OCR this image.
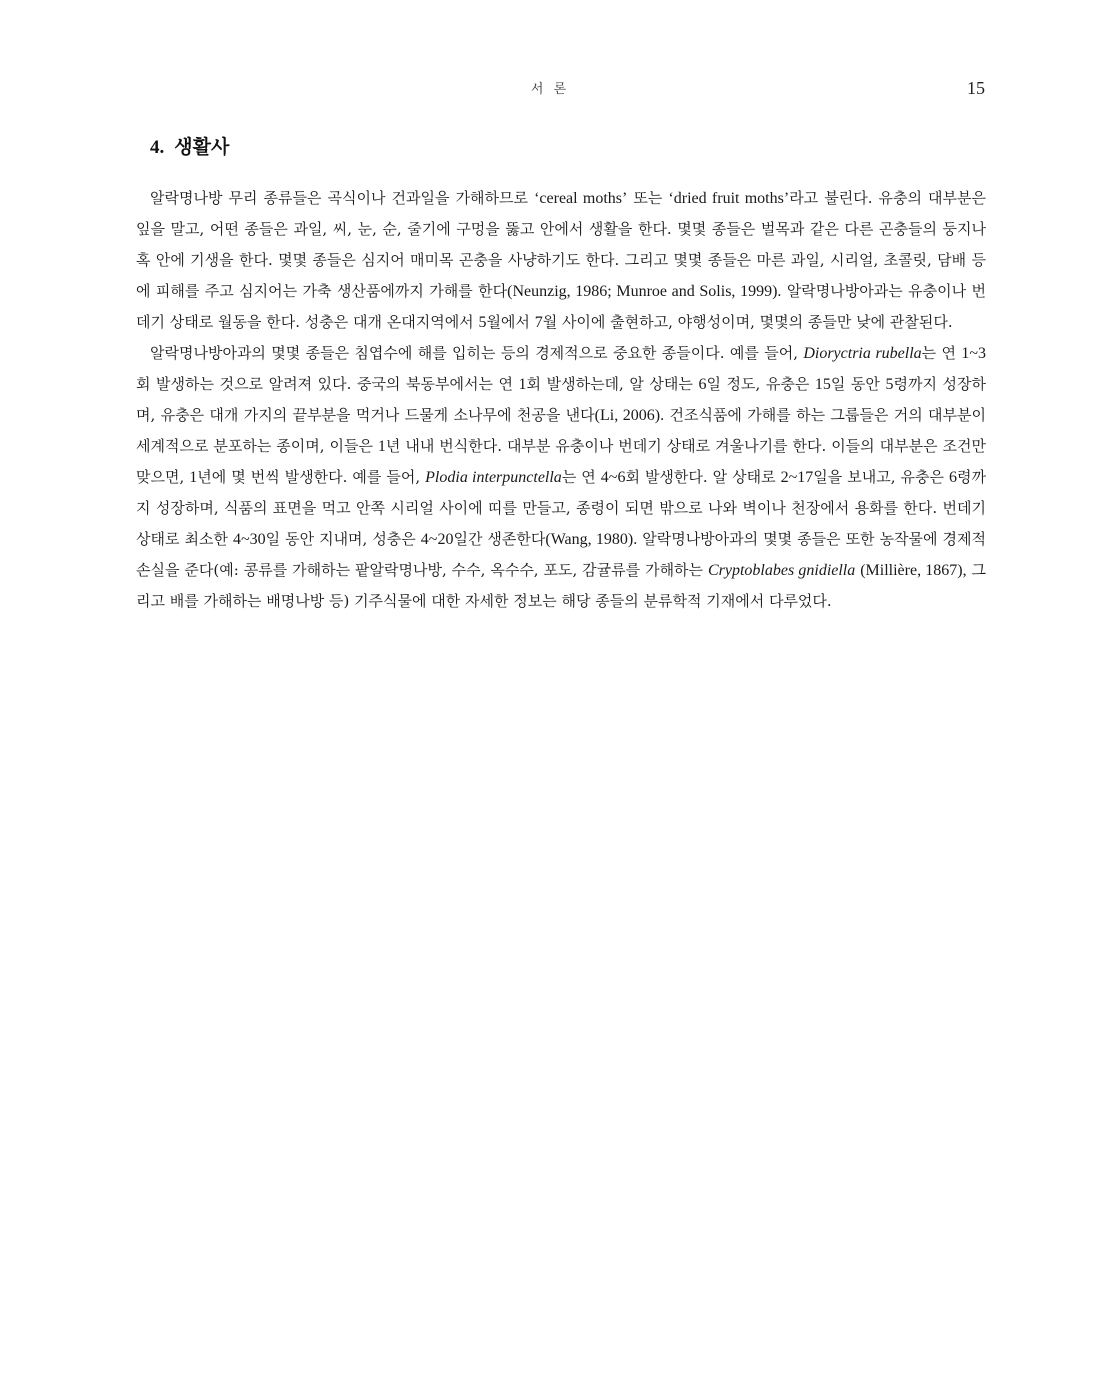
서 론	15
4. 생활사

알락명나방 무리 종류들은 곡식이나 건과일을 가해하므로 ‘cereal moths’ 또는 ‘dried fruit moths’라고 불린다. 유충의 대부분은 잎을 말고, 어떤 종들은 과일, 씨, 눈, 순, 줄기에 구멍을 뚫고 안에서 생활을 한다. 몇몇 종들은 벌목과 같은 다른 곤충들의 둥지나 혹 안에 기생을 한다. 몇몇 종들은 심지어 매미목 곤충을 사냥하기도 한다. 그리고 몇몇 종들은 마른 과일, 시리얼, 초콜릿, 담배 등에 피해를 주고 심지어는 가축 생산품에까지 가해를 한다(Neunzig, 1986; Munroe and Solis, 1999). 알락명나방아과는 유충이나 번데기 상태로 월동을 한다. 성충은 대개 온대지역에서 5월에서 7월 사이에 출현하고, 야행성이며, 몇몇의 종들만 낮에 관찰된다.

알락명나방아과의 몇몇 종들은 침엽수에 해를 입히는 등의 경제적으로 중요한 종들이다. 예를 들어, Dioryctria rubella는 연 1~3회 발생하는 것으로 알려져 있다. 중국의 북동부에서는 연 1회 발생하는데, 알 상태는 6일 정도, 유충은 15일 동안 5령까지 성장하며, 유충은 대개 가지의 끝부분을 먹거나 드물게 소나무에 천공을 낸다(Li, 2006). 건조식품에 가해를 하는 그룹들은 거의 대부분이 세계적으로 분포하는 종이며, 이들은 1년 내내 번식한다. 대부분 유충이나 번데기 상태로 겨울나기를 한다. 이들의 대부분은 조건만 맞으면, 1년에 몇 번씩 발생한다. 예를 들어, Plodia interpunctella는 연 4~6회 발생한다. 알 상태로 2~17일을 보내고, 유충은 6령까지 성장하며, 식품의 표면을 먹고 안쪽 시리얼 사이에 띠를 만들고, 종령이 되면 밖으로 나와 벽이나 천장에서 용화를 한다. 번데기 상태로 최소한 4~30일 동안 지내며, 성충은 4~20일간 생존한다(Wang, 1980). 알락명나방아과의 몇몇 종들은 또한 농작물에 경제적 손실을 준다(예: 콩류를 가해하는 팥알락명나방, 수수, 옥수수, 포도, 감귤류를 가해하는 Cryptoblabes gnidiella (Millière, 1867), 그리고 배를 가해하는 배명나방 등) 기주식물에 대한 자세한 정보는 해당 종들의 분류학적 기재에서 다루었다.
